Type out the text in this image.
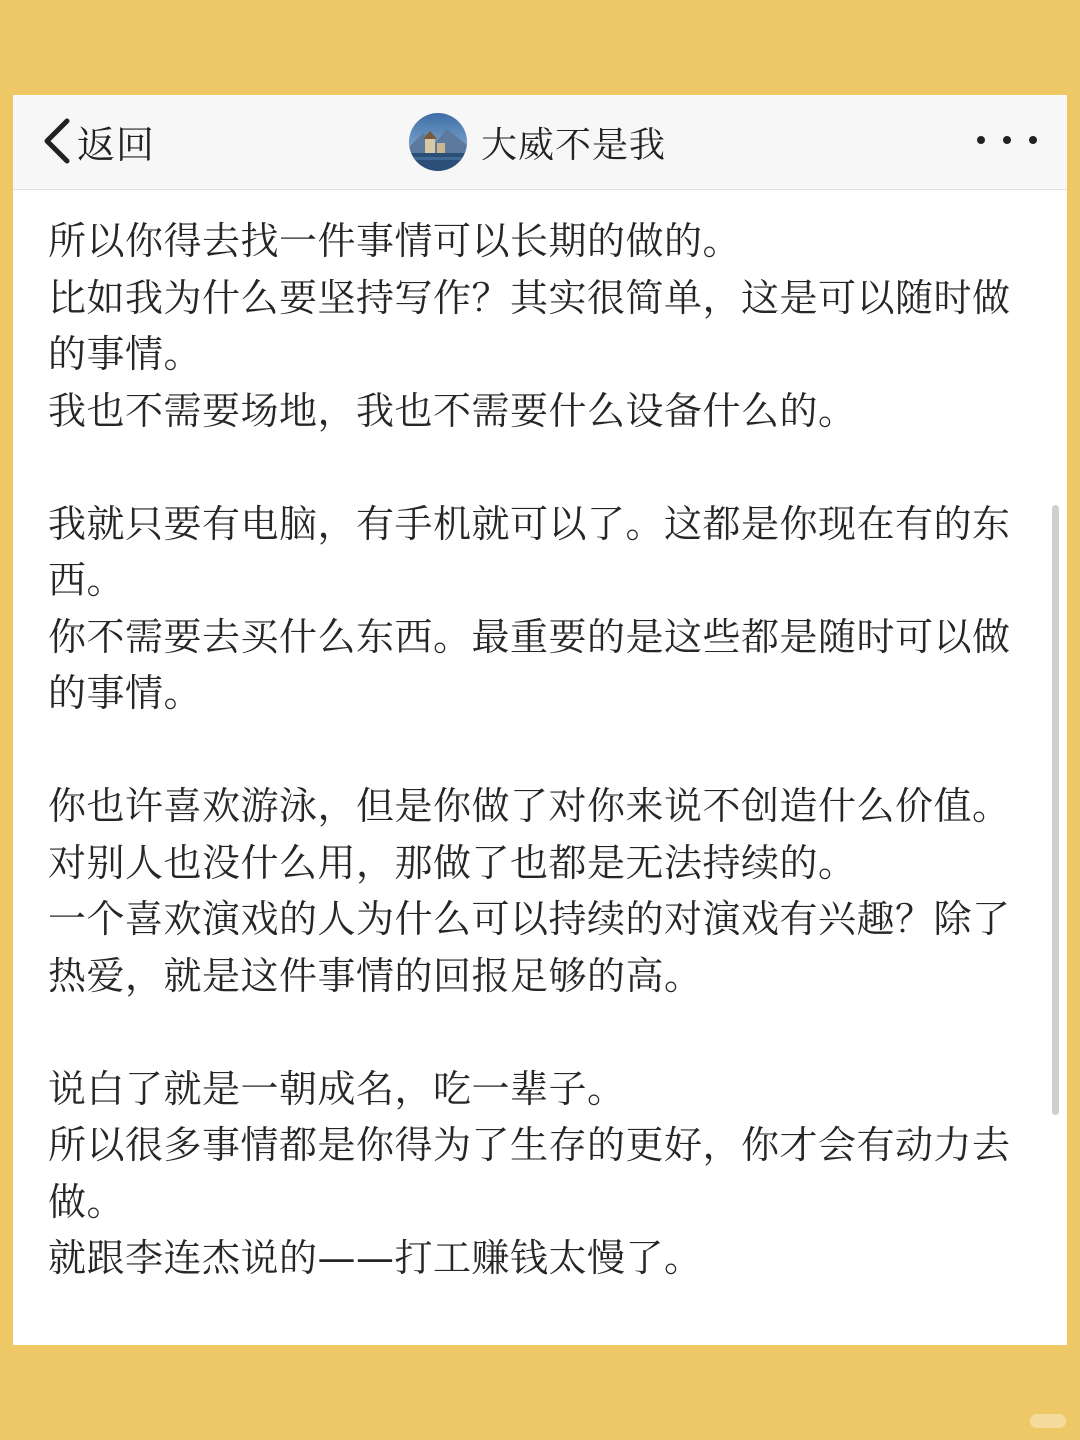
返回	大威不是我

所以你得去找一件事情可以长期的做的。

比如我为什么要坚持写作？其实很简单，这是可以随时做的事情。

我也不需要场地，我也不需要什么设备什么的。

我就只要有电脑，有手机就可以了。这都是你现在有的东西。

你不需要去买什么东西。最重要的是这些都是随时可以做的事情。

你也许喜欢游泳，但是你做了对你来说不创造什么价值。

对别人也没什么用，那做了也都是无法持续的。

一个喜欢演戏的人为什么可以持续的对演戏有兴趣？除了热爱，就是这件事情的回报足够的高。

说白了就是一朝成名，吃一辈子。

所以很多事情都是你得为了生存的更好，你才会有动力去做。

就跟李连杰说的——打工赚钱太慢了。
